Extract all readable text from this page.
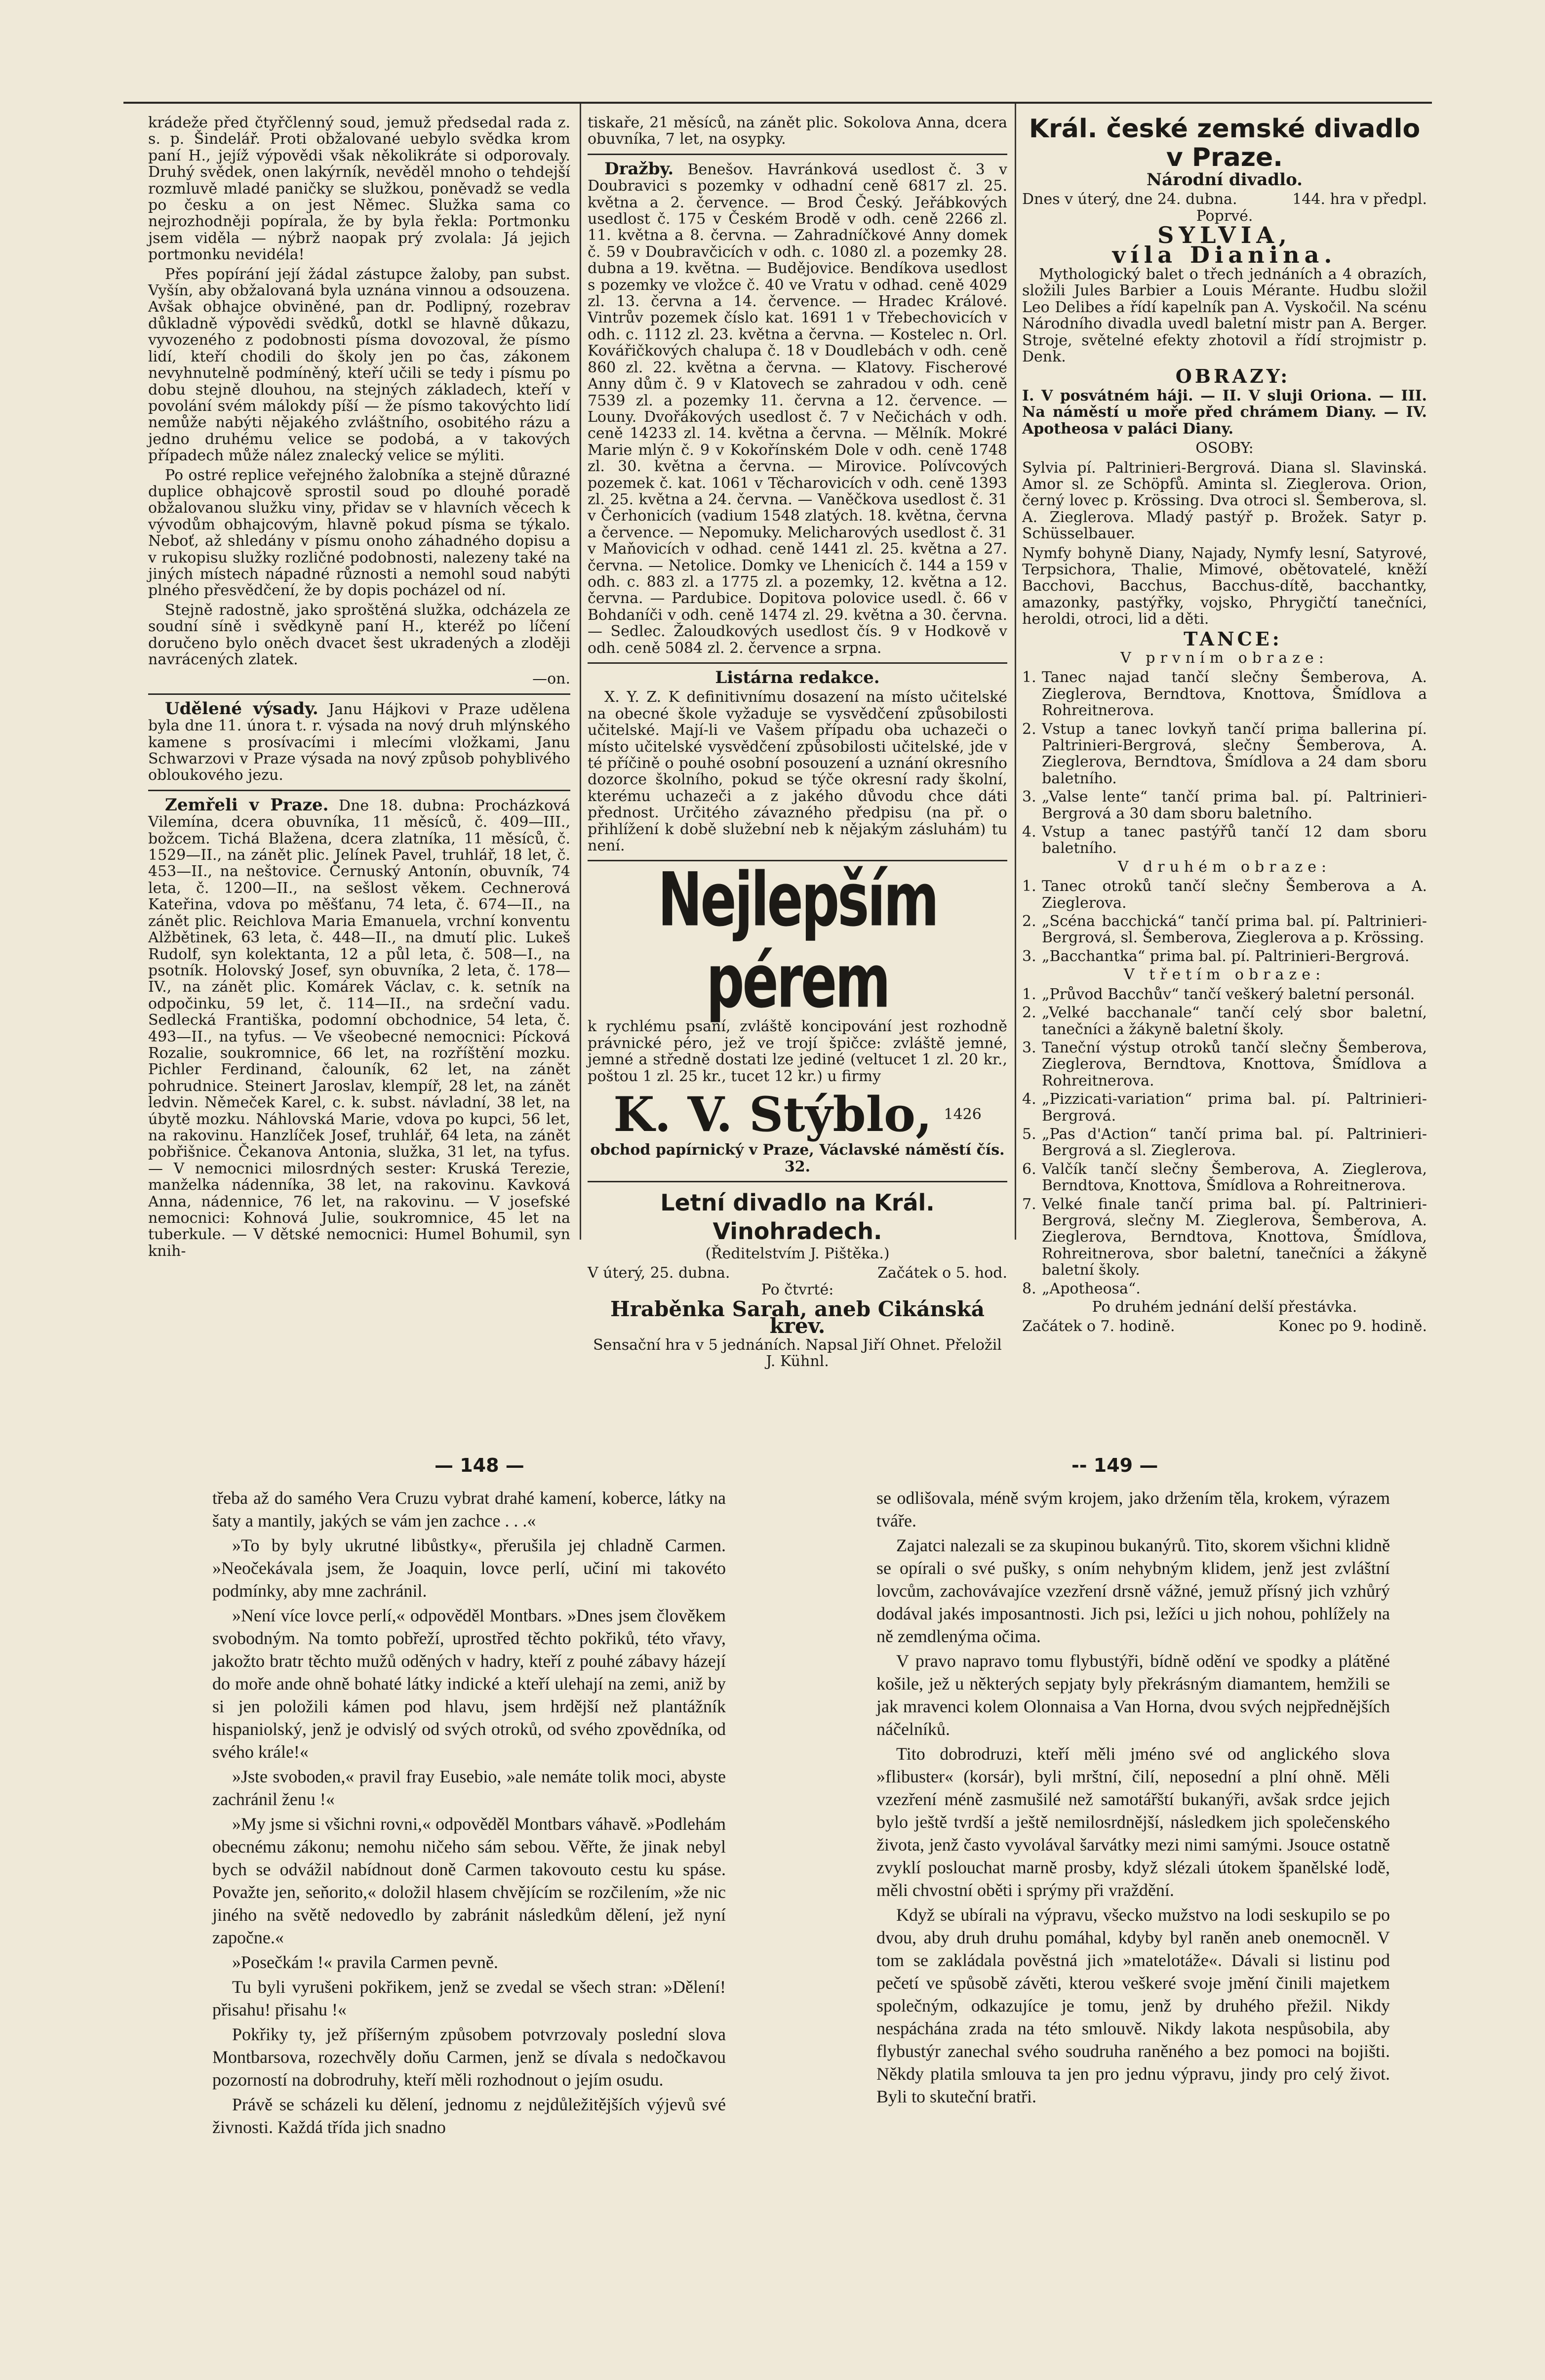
krádeže před čtyřčlenný soud, jemuž předsedal rada z. s. p. Šindelář. Proti obžalované uebylo svědka krom paní H., jejíž výpovědi však několikráte si odporovaly. Druhý svědek, onen lakýrník, nevěděl mnoho o tehdejší rozmluvě mladé paničky se služkou, poněvadž se vedla po česku a on jest Němec. Služka sama co nejrozhodněji popírala, že by byla řekla: Portmonku jsem viděla — nýbrž naopak prý zvolala: Já jejich portmonku nevidéla!

Přes popírání její žádal zástupce žaloby, pan subst. Vyšín, aby obžalovaná byla uznána vinnou a odsouzena. Avšak obhajce obviněné, pan dr. Podlipný, rozebrav důkladně výpovědi svědků, dotkl se hlavně důkazu, vyvozeného z podobnosti písma dovozoval, že písmo lidí, kteří chodili do školy jen po čas, zákonem nevyhnutelně podmíněný, kteří učili se tedy i písmu po dobu stejně dlouhou, na stejných základech, kteří v povolání svém málokdy píší — že písmo takovýchto lidí nemůže nabýti nějakého zvláštního, osobitého rázu a jedno druhému velice se podobá, a v takových případech může nález znalecký velice se mýliti.

Po ostré replice veřejného žalobníka a stejně důrazné duplice obhajcově sprostil soud po dlouhé poradě obžalovanou služku viny, přidav se v hlavních věcech k vývodům obhajcovým, hlavně pokud písma se týkalo. Neboť, až shledány v písmu onoho záhadného dopisu a v rukopisu služky rozličné podobnosti, nalezeny také na jiných místech nápadné různosti a nemohl soud nabýti plného přesvědčení, že by dopis pocházel od ní.

Stejně radostně, jako sproštěná služka, odcházela ze soudní síně i svědkyně paní H., kteréž po líčení doručeno bylo oněch dvacet šest ukradených a zloději navrácených zlatek.

—on.

Udělené výsady. Janu Hájkovi v Praze udělena byla dne 11. února t. r. výsada na nový druh mlýnského kamene s prosívacími i mlecími vložkami, Janu Schwarzovi v Praze výsada na nový způsob pohyblivého obloukového jezu.

Zemřeli v Praze. Dne 18. dubna: Procházková Vilemína, dcera obuvníka, 11 měsíců, č. 409—III., božcem. Tichá Blažena, dcera zlatníka, 11 měsíců, č. 1529—II., na zánět plic. Jelínek Pavel, truhlář, 18 let, č. 453—II., na neštovice. Černuský Antonín, obuvník, 74 leta, č. 1200—II., na sešlost věkem. Cechnerová Kateřina, vdova po měšťanu, 74 leta, č. 674—II., na zánět plic. Reichlova Maria Emanuela, vrchní konventu Alžbětinek, 63 leta, č. 448—II., na dmutí plic. Lukeš Rudolf, syn kolektanta, 12 a půl leta, č. 508—I., na psotník. Holovský Josef, syn obuvníka, 2 leta, č. 178—IV., na zánět plic. Komárek Václav, c. k. setník na odpočinku, 59 let, č. 114—II., na srdeční vadu. Sedlecká Františka, podomní obchodnice, 54 leta, č. 493—II., na tyfus. — Ve všeobecné nemocnici: Pícková Rozalie, soukromnice, 66 let, na rozříštění mozku. Pichler Ferdinand, čalouník, 62 let, na zánět pohrudnice. Steinert Jaroslav, klempíř, 28 let, na zánět ledvin. Němeček Karel, c. k. subst. návladní, 38 let, na úbytě mozku. Náhlovská Marie, vdova po kupci, 56 let, na rakovinu. Hanzlíček Josef, truhlář, 64 leta, na zánět pobřišnice. Čekanova Antonia, služka, 31 let, na tyfus. — V nemocnici milosrdných sester: Kruská Terezie, manželka nádenníka, 38 let, na rakovinu. Kavková Anna, nádennice, 76 let, na rakovinu. — V josefské nemocnici: Kohnová Julie, soukromnice, 45 let na tuberkule. — V dětské nemocnici: Humel Bohumil, syn knih-

tiskaře, 21 měsíců, na zánět plic. Sokolova Anna, dcera obuvníka, 7 let, na osypky.

Dražby. Benešov. Havránková usedlost č. 3 v Doubravici s pozemky v odhadní ceně 6817 zl. 25. května a 2. července. — Brod Český. Jeřábkových usedlost č. 175 v Českém Brodě v odh. ceně 2266 zl. 11. května a 8. června. — Zahradníčkové Anny domek č. 59 v Doubravčicích v odh. c. 1080 zl. a pozemky 28. dubna a 19. května. — Budějovice. Bendíkova usedlost s pozemky ve vložce č. 40 ve Vratu v odhad. ceně 4029 zl. 13. června a 14. července. — Hradec Králové. Vintrův pozemek číslo kat. 1691 1 v Třebechovicích v odh. c. 1112 zl. 23. května a června. — Kostelec n. Orl. Kovářičkových chalupa č. 18 v Doudlebách v odh. ceně 860 zl. 22. května a června. — Klatovy. Fischerové Anny dům č. 9 v Klatovech se zahradou v odh. ceně 7539 zl. a pozemky 11. června a 12. července. — Louny. Dvořákových usedlost č. 7 v Nečichách v odh. ceně 14233 zl. 14. května a června. — Mělník. Mokré Marie mlýn č. 9 v Kokořínském Dole v odh. ceně 1748 zl. 30. května a června. — Mirovice. Polívcových pozemek č. kat. 1061 v Těcharovicích v odh. ceně 1393 zl. 25. května a 24. června. — Vaněčkova usedlost č. 31 v Čerhonicích (vadium 1548 zlatých. 18. května, června a července. — Nepomuky. Melicharových usedlost č. 31 v Maňovicích v odhad. ceně 1441 zl. 25. května a 27. června. — Netolice. Domky ve Lhenicích č. 144 a 159 v odh. c. 883 zl. a 1775 zl. a pozemky, 12. května a 12. června. — Pardubice. Dopitova polovice usedl. č. 66 v Bohdaníči v odh. ceně 1474 zl. 29. května a 30. června. — Sedlec. Žaloudkových usedlost čís. 9 v Hodkově v odh. ceně 5084 zl. 2. července a srpna.

Listárna redakce.

X. Y. Z. K definitivnímu dosazení na místo učitelské na obecné škole vyžaduje se vysvědčení způsobilosti učitelské. Mají-li ve Vašem případu oba uchazeči o místo učitelské vysvědčení způsobilosti učitelské, jde v té příčině o pouhé osobní posouzení a uznání okresního dozorce školního, pokud se týče okresní rady školní, kterému uchazeči a z jakého důvodu chce dáti přednost. Určitého závazného předpisu (na př. o přihlížení k době služební neb k nějakým zásluhám) tu není.

Nejlepším pérem

k rychlému psaní, zvláště koncipování jest rozhodně právnické péro, jež ve trojí špičce: zvláště jemné, jemné a středně dostati lze jediné (veltucet 1 zl. 20 kr., poštou 1 zl. 25 kr., tucet 12 kr.) u firmy

K. V. Stýblo, 1426

obchod papírnický v Praze, Václavské náměstí čís. 32.

Letní divadlo na Král. Vinohradech.

(Ředitelstvím J. Pištěka.)

V úterý, 25. dubna.	Začátek o 5. hod.

Po čtvrté:

Hraběnka Sarah, aneb Cikánská krev.

Sensační hra v 5 jednáních. Napsal Jiří Ohnet. Přeložil J. Kühnl.

Král. české zemské divadlo v Praze.

Národní divadlo.

Dnes v úterý, dne 24. dubna.	144. hra v předpl.

Poprvé.

SYLVIA,

víla Dianina.

Mythologický balet o třech jednáních a 4 obrazích, složili Jules Barbier a Louis Mérante. Hudbu složil Leo Delibes a řídí kapelník pan A. Vyskočil. Na scénu Národního divadla uvedl baletní mistr pan A. Berger. Stroje, světelné efekty zhotovil a řídí strojmistr p. Denk.

OBRAZY:

I. V posvátném háji. — II. V sluji Oriona. — III. Na náměstí u moře před chrámem Diany. — IV. Apotheosa v paláci Diany.

OSOBY:

Sylvia pí. Paltrinieri-Bergrová. Diana sl. Slavinská. Amor sl. ze Schöpfů. Aminta sl. Zieglerova. Orion, černý lovec p. Krössing. Dva otroci sl. Šemberova, sl. A. Zieglerova. Mladý pastýř p. Brožek. Satyr p. Schüsselbauer.

Nymfy bohyně Diany, Najady, Nymfy lesní, Satyrové, Terpsichora, Thalie, Mimové, obětovatelé, kněží Bacchovi, Bacchus, Bacchus-dítě, bacchantky, amazonky, pastýřky, vojsko, Phrygičtí tanečníci, heroldi, otroci, lid a děti.

TANCE:

V prvním obraze:

1. Tanec najad tančí slečny Šemberova, A. Zieglerova, Berndtova, Knottova, Šmídlova a Rohreitnerova.
2. Vstup a tanec lovkyň tančí prima ballerina pí. Paltrinieri-Bergrová, slečny Šemberova, A. Zieglerova, Berndtova, Šmídlova a 24 dam sboru baletního.
3. „Valse lente“ tančí prima bal. pí. Paltrinieri-Bergrová a 30 dam sboru baletního.
4. Vstup a tanec pastýřů tančí 12 dam sboru baletního.

V druhém obraze:

1. Tanec otroků tančí slečny Šemberova a A. Zieglerova.
2. „Scéna bacchická“ tančí prima bal. pí. Paltrinieri-Bergrová, sl. Šemberova, Zieglerova a p. Krössing.
3. „Bacchantka“ prima bal. pí. Paltrinieri-Bergrová.

V třetím obraze:

1. „Průvod Bacchův“ tančí veškerý baletní personál.
2. „Velké bacchanale“ tančí celý sbor baletní, tanečníci a žákyně baletní školy.
3. Taneční výstup otroků tančí slečny Šemberova, Zieglerova, Berndtova, Knottova, Šmídlova a Rohreitnerova.
4. „Pizzicati-variation“ prima bal. pí. Paltrinieri-Bergrová.
5. „Pas d'Action“ tančí prima bal. pí. Paltrinieri-Bergrová a sl. Zieglerova.
6. Valčík tančí slečny Šemberova, A. Zieglerova, Berndtova, Knottova, Šmídlova a Rohreitnerova.
7. Velké finale tančí prima bal. pí. Paltrinieri-Bergrová, slečny M. Zieglerova, Šemberova, A. Zieglerova, Berndtova, Knottova, Šmídlova, Rohreitnerova, sbor baletní, tanečníci a žákyně baletní školy.
8. „Apotheosa“.

Po druhém jednání delší přestávka.

Začátek o 7. hodině.	Konec po 9. hodině.
— 148 —	-- 149 —

třeba až do samého Vera Cruzu vybrat drahé kamení, koberce, látky na šaty a mantily, jakých se vám jen zachce . . .«

»To by byly ukrutné libůstky«, přerušila jej chladně Carmen. »Neočekávala jsem, že Joaquin, lovce perlí, učiní mi takovéto podmínky, aby mne zachránil.

»Není více lovce perlí,« odpověděl Montbars. »Dnes jsem člověkem svobodným. Na tomto pobřeží, uprostřed těchto pokřiků, této vřavy, jakožto bratr těchto mužů oděných v hadry, kteří z pouhé zábavy házejí do moře ande ohně bohaté látky indické a kteří ulehají na zemi, aniž by si jen položili kámen pod hlavu, jsem hrdější než plantážník hispaniolský, jenž je odvislý od svých otroků, od svého zpovědníka, od svého krále!«

»Jste svoboden,« pravil fray Eusebio, »ale nemáte tolik moci, abyste zachránil ženu !«

»My jsme si všichni rovni,« odpověděl Montbars váhavě. »Podlehám obecnému zákonu; nemohu ničeho sám sebou. Věřte, že jinak nebyl bych se odvážil nabídnout doně Carmen takovouto cestu ku spáse. Považte jen, seňorito,« doložil hlasem chvějícím se rozčilením, »že nic jiného na světě nedovedlo by zabránit následkům dělení, jež nyní započne.«

»Posečkám !« pravila Carmen pevně.

Tu byli vyrušeni pokřikem, jenž se zvedal se všech stran: »Dělení! přisahu! přisahu !«

Pokřiky ty, jež příšerným způsobem potvrzovaly poslední slova Montbarsova, rozechvěly doňu Carmen, jenž se dívala s nedočkavou pozorností na dobrodruhy, kteří měli rozhodnout o jejím osudu.

Právě se scházeli ku dělení, jednomu z nejdůležitějších výjevů své živnosti. Každá třída jich snadno

se odlišovala, méně svým krojem, jako držením těla, krokem, výrazem tváře.

Zajatci nalezali se za skupinou bukanýrů. Tito, skorem všichni klidně se opírali o své pušky, s oním nehybným klidem, jenž jest zvláštní lovcům, zachovávajíce vzezření drsně vážné, jemuž přísný jich vzhůrý dodával jakés imposantnosti. Jich psi, ležíci u jich nohou, pohlížely na ně zemdlenýma očima.

V pravo napravo tomu flybustýři, bídně odění ve spodky a plátěné košile, jež u některých sepjaty byly překrásným diamantem, hemžili se jak mravenci kolem Olonnaisa a Van Horna, dvou svých nejpřednějších náčelníků.

Tito dobrodruzi, kteří měli jméno své od anglického slova »flibuster« (korsár), byli mrštní, čilí, neposední a plní ohně. Měli vzezření méně zasmušilé než samotářští bukanýři, avšak srdce jejich bylo ještě tvrdší a ještě nemilosrdnější, následkem jich společenského života, jenž často vyvolával šarvátky mezi nimi samými. Jsouce ostatně zvyklí poslouchat marně prosby, když slézali útokem španělské lodě, měli chvostní oběti i sprýmy při vraždění.

Když se ubírali na výpravu, všecko mužstvo na lodi seskupilo se po dvou, aby druh druhu pomáhal, kdyby byl raněn aneb onemocněl. V tom se zakládala pověstná jich »matelotáže«. Dávali si listinu pod pečetí ve spůsobě závěti, kterou veškeré svoje jmění činili majetkem společným, odkazujíce je tomu, jenž by druhého přežil. Nikdy nespáchána zrada na této smlouvě. Nikdy lakota nespůsobila, aby flybustýr zanechal svého soudruha raněného a bez pomoci na bojišti. Někdy platila smlouva ta jen pro jednu výpravu, jindy pro celý život. Byli to skuteční bratři.
